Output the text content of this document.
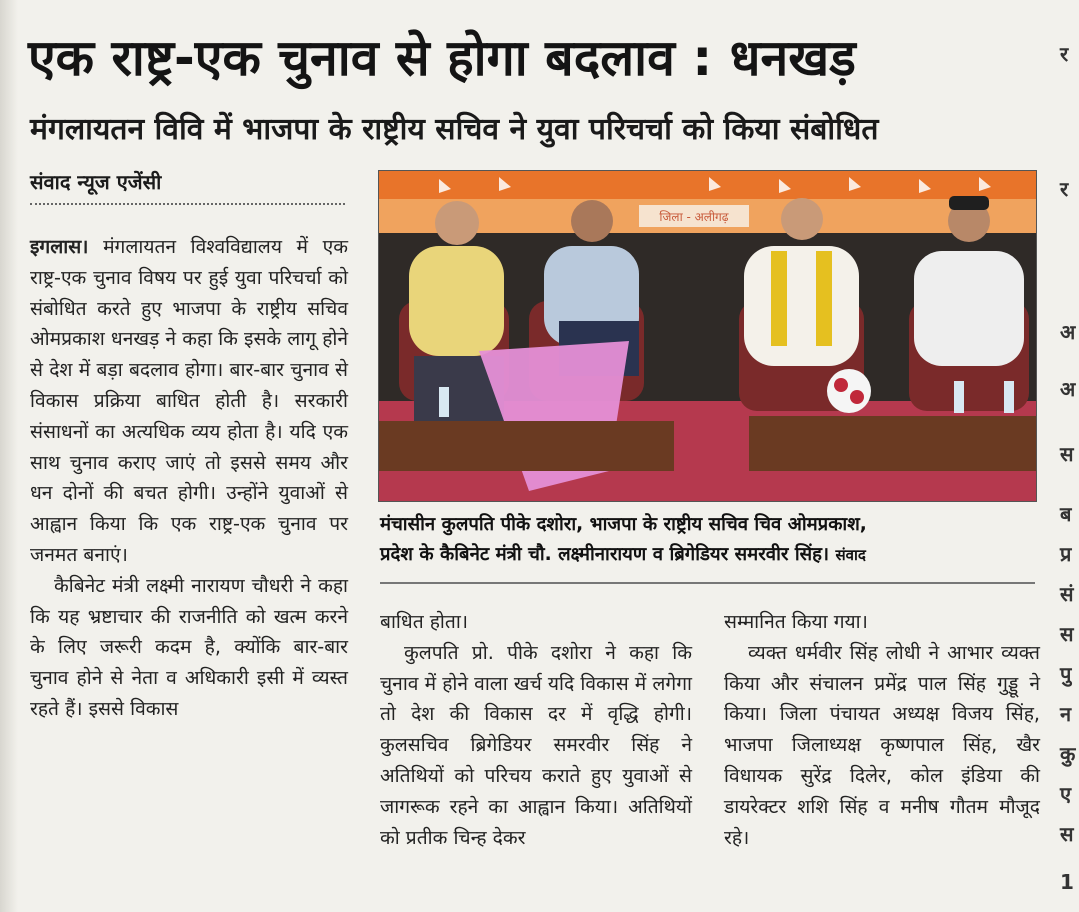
एक राष्ट्र-एक चुनाव से होगा बदलाव : धनखड़
मंगलायतन विवि में भाजपा के राष्ट्रीय सचिव ने युवा परिचर्चा को किया संबोधित
संवाद न्यूज एजेंसी

इगलास। मंगलायतन विश्वविद्यालय में एक राष्ट्र-एक चुनाव विषय पर हुई युवा परिचर्चा को संबोधित करते हुए भाजपा के राष्ट्रीय सचिव ओमप्रकाश धनखड़ ने कहा कि इसके लागू होने से देश में बड़ा बदलाव होगा। बार-बार चुनाव से विकास प्रक्रिया बाधित होती है। सरकारी संसाधनों का अत्यधिक व्यय होता है। यदि एक साथ चुनाव कराए जाएं तो इससे समय और धन दोनों की बचत होगी। उन्होंने युवाओं से आह्वान किया कि एक राष्ट्र-एक चुनाव पर जनमत बनाएं।

कैबिनेट मंत्री लक्ष्मी नारायण चौधरी ने कहा कि यह भ्रष्टाचार की राजनीति को खत्म करने के लिए जरूरी कदम है, क्योंकि बार-बार चुनाव होने से नेता व अधिकारी इसी में व्यस्त रहते हैं। इससे विकास

जिला - अलीगढ़
मंचासीन कुलपति पीके दशोरा, भाजपा के राष्ट्रीय सचिव चिव ओमप्रकाश,
प्रदेश के कैबिनेट मंत्री चौ. लक्ष्मीनारायण व ब्रिगेडियर समरवीर सिंह। संवाद

बाधित होता।

कुलपति प्रो. पीके दशोरा ने कहा कि चुनाव में होने वाला खर्च यदि विकास में लगेगा तो देश की विकास दर में वृद्धि होगी। कुलसचिव ब्रिगेडियर समरवीर सिंह ने अतिथियों को परिचय कराते हुए युवाओं से जागरूक रहने का आह्वान किया। अतिथियों को प्रतीक चिन्ह देकर

सम्मानित किया गया।

व्यक्त धर्मवीर सिंह लोधी ने आभार व्यक्त किया और संचालन प्रमेंद्र पाल सिंह गुड्डू ने किया। जिला पंचायत अध्यक्ष विजय सिंह, भाजपा जिलाध्यक्ष कृष्णपाल सिंह, खैर विधायक सुरेंद्र दिलेर, कोल इंडिया की डायरेक्टर शशि सिंह व मनीष गौतम मौजूद रहे।

र
र
अ
अ
स
ब
प्र
सं
स
पु
न
कु
ए
स
1
